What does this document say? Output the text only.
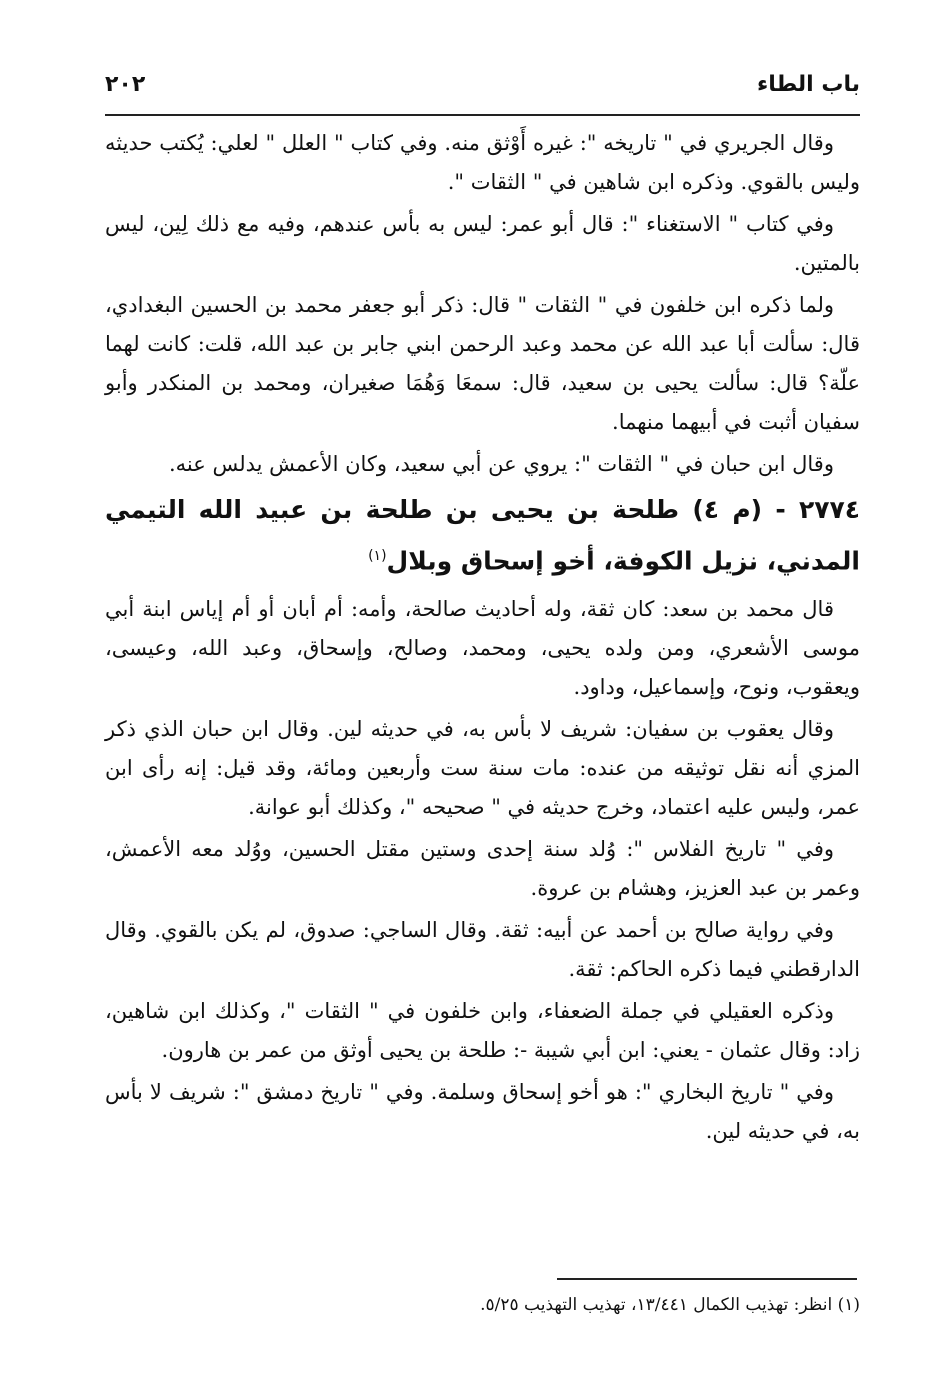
باب الطاء
٢٠٢

وقال الجريري في " تاريخه ": غيره أَوْثق منه. وفي كتاب " العلل " لعلي: يُكتب حديثه وليس بالقوي. وذكره ابن شاهين في " الثقات ".

وفي كتاب " الاستغناء ": قال أبو عمر: ليس به بأس عندهم، وفيه مع ذلك لِين، ليس بالمتين.

ولما ذكره ابن خلفون في " الثقات " قال: ذكر أبو جعفر محمد بن الحسين البغدادي، قال: سألت أبا عبد الله عن محمد وعبد الرحمن ابني جابر بن عبد الله، قلت: كانت لهما علّة؟ قال: سألت يحيى بن سعيد، قال: سمعَا وَهُمَا صغيران، ومحمد بن المنكدر وأبو سفيان أثبت في أبيهما منهما.

وقال ابن حبان في " الثقات ": يروي عن أبي سعيد، وكان الأعمش يدلس عنه.

٢٧٧٤ - (م ٤) طلحة بن يحيى بن طلحة بن عبيد الله التيمي المدني، نزيل الكوفة، أخو إسحاق وبلال$^{(١)}$

قال محمد بن سعد: كان ثقة، وله أحاديث صالحة، وأمه: أم أبان أو أم إياس ابنة أبي موسى الأشعري، ومن ولده يحيى، ومحمد، وصالح، وإسحاق، وعبد الله، وعيسى، ويعقوب، ونوح، وإسماعيل، وداود.

وقال يعقوب بن سفيان: شريف لا بأس به، في حديثه لين. وقال ابن حبان الذي ذكر المزي أنه نقل توثيقه من عنده: مات سنة ست وأربعين ومائة، وقد قيل: إنه رأى ابن عمر، وليس عليه اعتماد، وخرج حديثه في " صحيحه "، وكذلك أبو عوانة.

وفي " تاريخ الفلاس ": وُلد سنة إحدى وستين مقتل الحسين، ووُلد معه الأعمش، وعمر بن عبد العزيز، وهشام بن عروة.

وفي رواية صالح بن أحمد عن أبيه: ثقة. وقال الساجي: صدوق، لم يكن بالقوي. وقال الدارقطني فيما ذكره الحاكم: ثقة.

وذكره العقيلي في جملة الضعفاء، وابن خلفون في " الثقات "، وكذلك ابن شاهين، زاد: وقال عثمان - يعني: ابن أبي شيبة -: طلحة بن يحيى أوثق من عمر بن هارون.

وفي " تاريخ البخاري ": هو أخو إسحاق وسلمة. وفي " تاريخ دمشق ": شريف لا بأس به، في حديثه لين.

(١) انظر: تهذيب الكمال ١٣/٤٤١، تهذيب التهذيب ٥/٢٥.
